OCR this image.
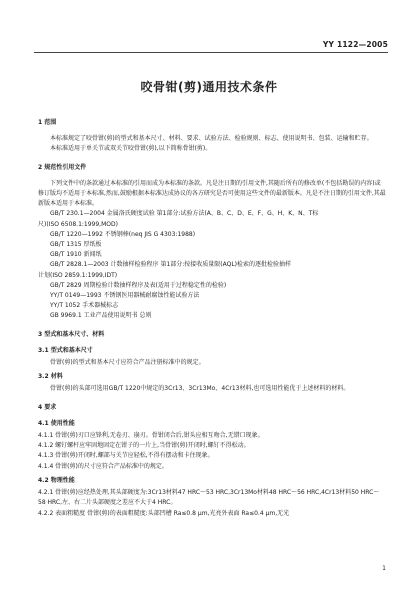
YY 1122—2005
咬骨钳(剪)通用技术条件
1 范围

本标准规定了咬骨钳(剪)的型式和基本尺寸、材料、要求、试验方法、检验规则、标志、使用说明书、包装、运输和贮存。

本标准适用于单关节或双关节咬骨钳(剪),以下简称骨钳(剪)。

2 规范性引用文件

下列文件中的条款通过本标准的引用而成为本标准的条款。凡是注日期的引用文件,其随后所有的修改单(不包括勘误的内容)或修订版均不适用于本标准,然而,鼓励根据本标准达成协议的各方研究是否可使用这些文件的最新版本。凡是不注日期的引用文件,其最新版本适用于本标准。

GB/T 230.1—2004 金属洛氏硬度试验 第1部分:试验方法(A、B、C、D、E、F、G、H、K、N、T标

尺)(ISO 6508.1:1999,MOD)

GB/T 1220—1992 不锈钢棒(neq JIS G 4303:1988)

GB/T 1315 厚纸板

GB/T 1910 新闻纸

GB/T 2828.1—2003 计数抽样检验程序 第1部分:按接收质量限(AQL)检索的逐批检验抽样

计划(ISO 2859.1:1999,IDT)

GB/T 2829 周期检验计数抽样程序及表(适用于过程稳定性的检验)

YY/T 0149—1993 不锈钢医用器械耐腐蚀性能试验方法

YY/T 1052 手术器械标志

GB 9969.1 工业产品使用说明书 总则

3 型式和基本尺寸、材料
3.1 型式和基本尺寸

骨钳(剪)的型式和基本尺寸应符合产品注册标准中的规定。

3.2 材料

骨钳(剪)的头部可选用GB/T 1220中规定的3Cr13、3Cr13Mo、4Cr13材料,也可选用性能优于上述材料的材料。

4 要求
4.1 使用性能

4.1.1 骨钳(剪)刃口应锋利,无卷刃、崩刃。骨钳闭合后,钳头应相互吻合,无错口现象。

4.1.2 螺钉螺杆应牢固地固定在钳子的一片上,当骨钳(剪)开闭时,螺钉不得松动。

4.1.3 骨钳(剪)开闭时,螺部与关节应轻松,不得有摆动和卡住现象。

4.1.4 骨钳(剪)的尺寸应符合产品标准中的规定。

4.2 物理性能

4.2.1 骨钳(剪)应经热处理,其头部硬度为:3Cr13材料47 HRC～53 HRC,3Cr13Mo材料48 HRC～56 HRC,4Cr13材料50 HRC～58 HRC,左、右二片头部硬度之差应不大于4 HRC。

4.2.2 表面粗糙度 骨钳(剪)的表面粗糙度:头部凹槽 Ra≤0.8 μm,光亮外表面 Ra≤0.4 μm,无光

1
